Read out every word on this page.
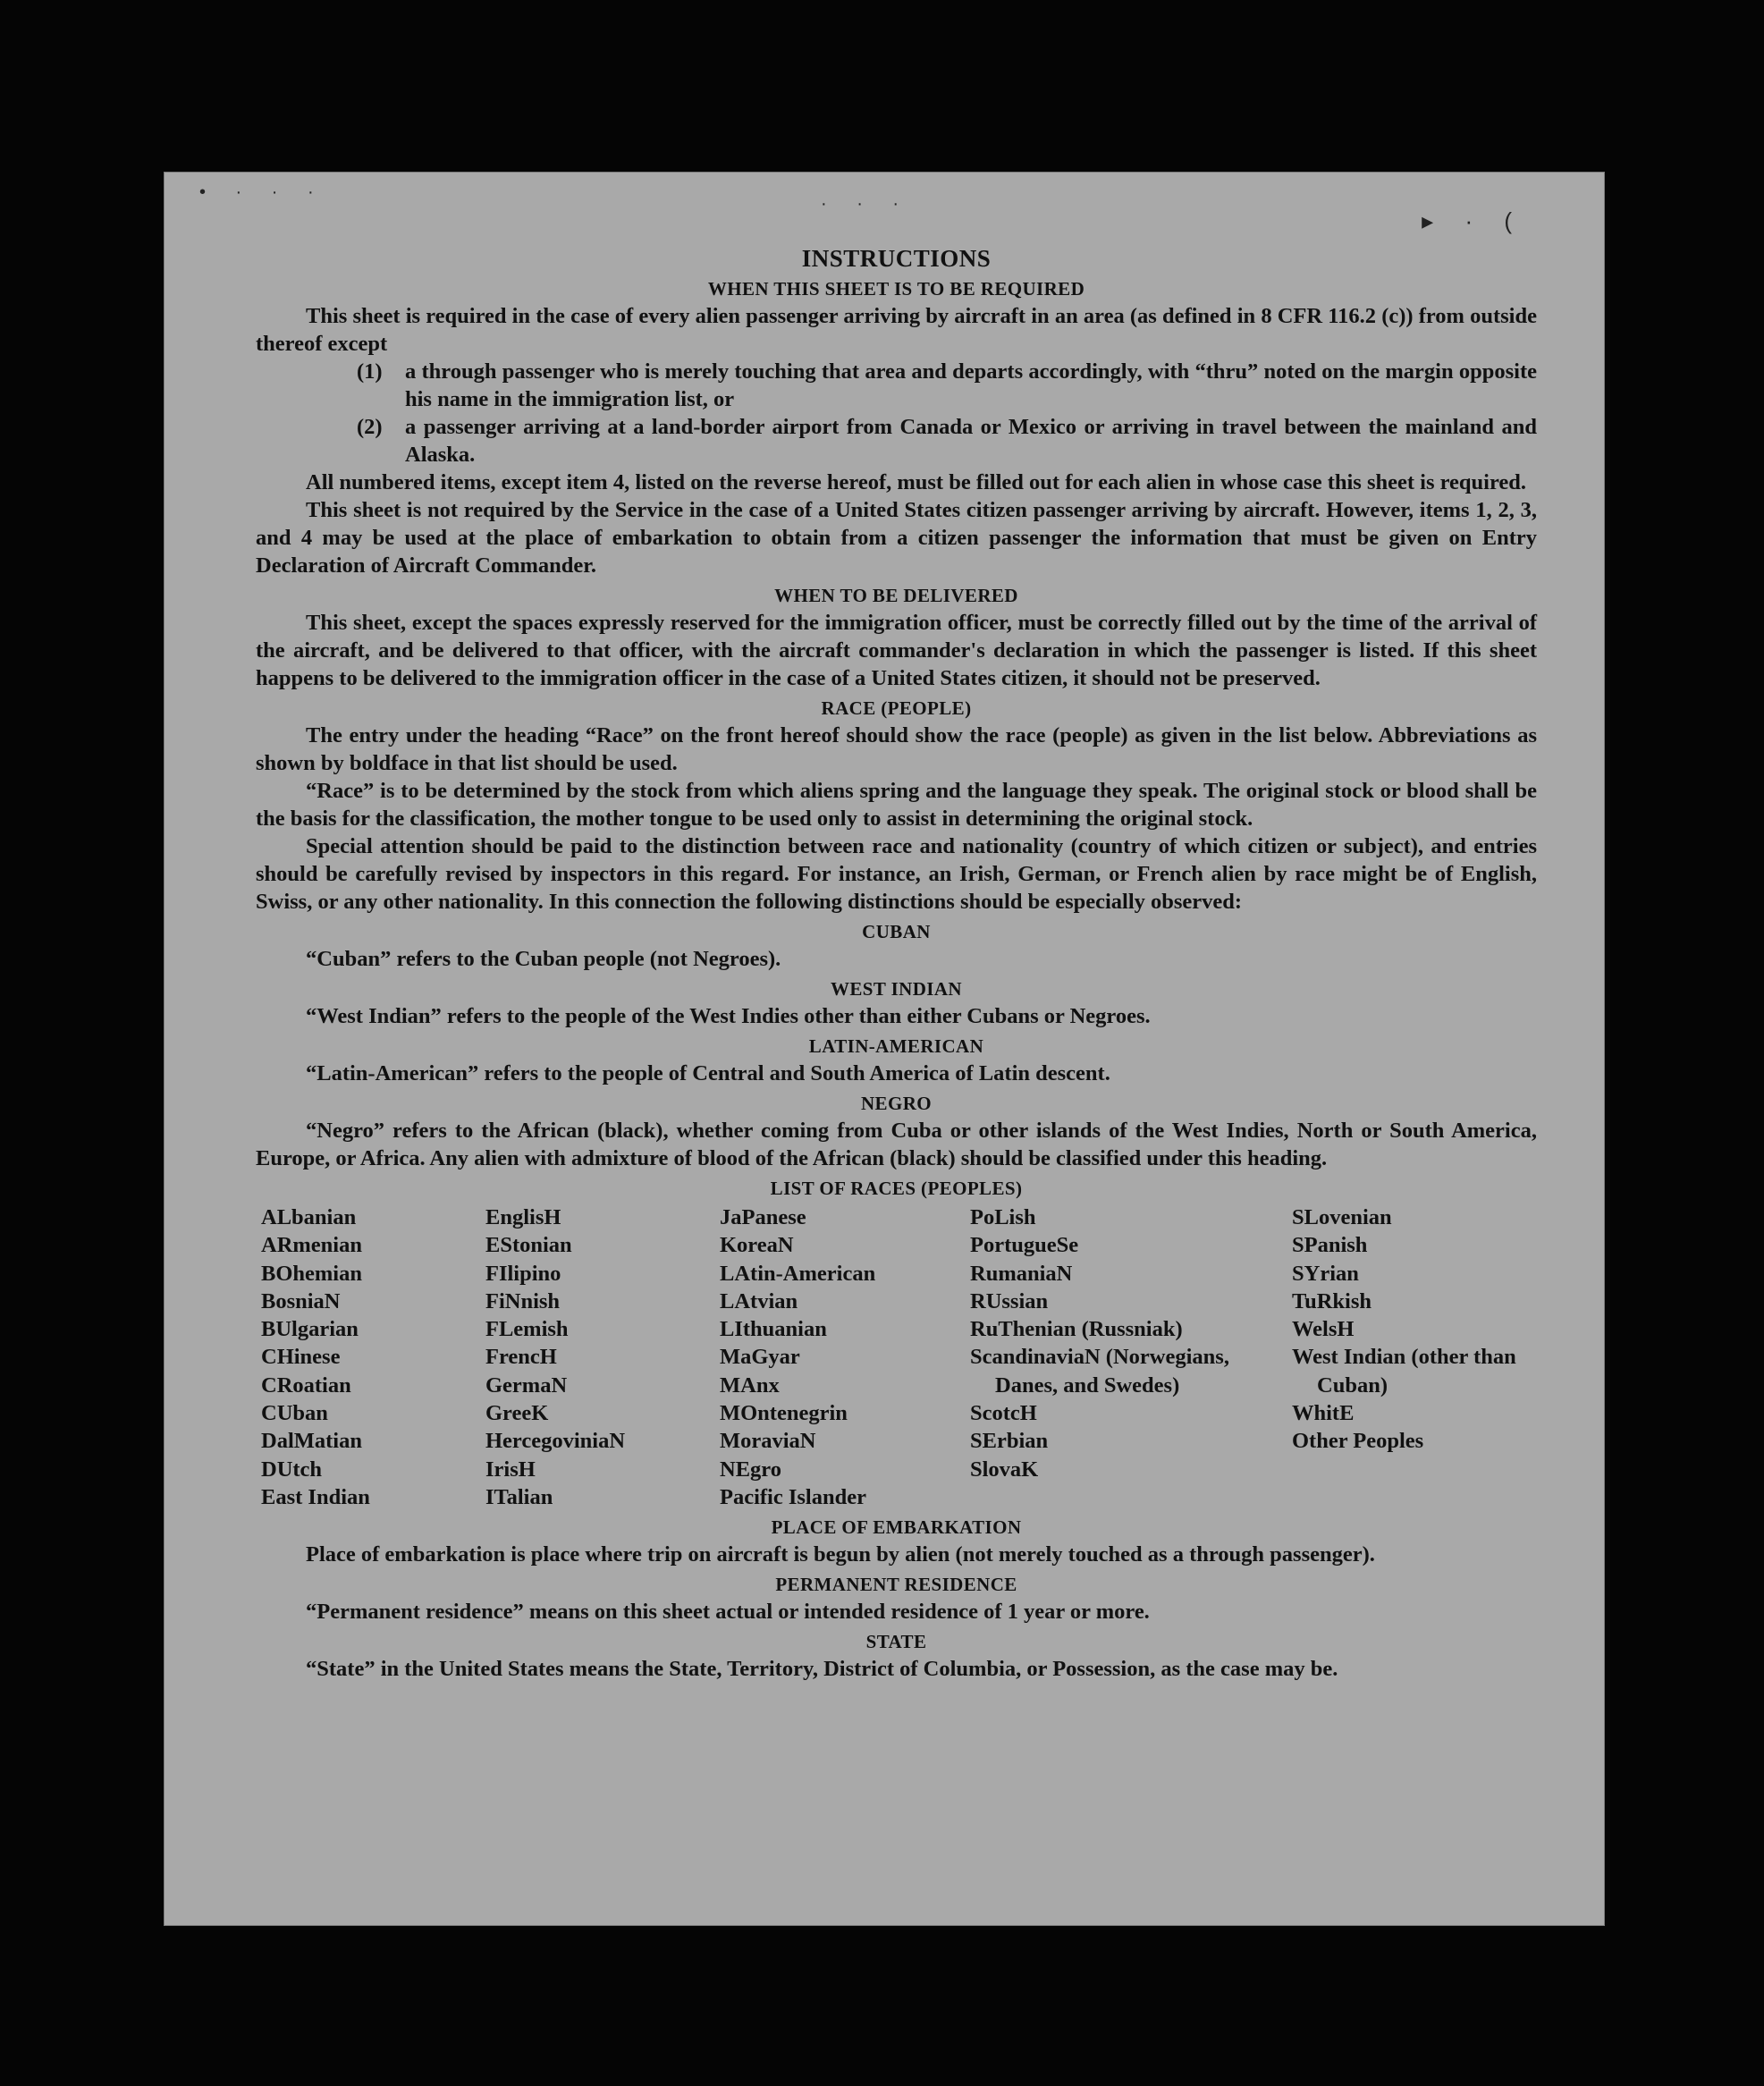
• · · ·
· · ·
▸ · (
INSTRUCTIONS
WHEN THIS SHEET IS TO BE REQUIRED

This sheet is required in the case of every alien passenger arriving by aircraft in an area (as defined in 8 CFR 116.2 (c)) from outside thereof except

(1) a through passenger who is merely touching that area and departs accordingly, with “thru” noted on the margin opposite his name in the immigration list, or
(2) a passenger arriving at a land-border airport from Canada or Mexico or arriving in travel between the mainland and Alaska.

All numbered items, except item 4, listed on the reverse hereof, must be filled out for each alien in whose case this sheet is required.

This sheet is not required by the Service in the case of a United States citizen passenger arriving by aircraft. However, items 1, 2, 3, and 4 may be used at the place of embarkation to obtain from a citizen passenger the information that must be given on Entry Declaration of Aircraft Commander.

WHEN TO BE DELIVERED

This sheet, except the spaces expressly reserved for the immigration officer, must be correctly filled out by the time of the arrival of the aircraft, and be delivered to that officer, with the aircraft commander's declaration in which the passenger is listed. If this sheet happens to be delivered to the immigration officer in the case of a United States citizen, it should not be preserved.

RACE (PEOPLE)

The entry under the heading “Race” on the front hereof should show the race (people) as given in the list below. Abbreviations as shown by boldface in that list should be used.

“Race” is to be determined by the stock from which aliens spring and the language they speak. The original stock or blood shall be the basis for the classification, the mother tongue to be used only to assist in determining the original stock.

Special attention should be paid to the distinction between race and nationality (country of which citizen or subject), and entries should be carefully revised by inspectors in this regard. For instance, an Irish, German, or French alien by race might be of English, Swiss, or any other nationality. In this connection the following distinctions should be especially observed:

CUBAN

“Cuban” refers to the Cuban people (not Negroes).

WEST INDIAN

“West Indian” refers to the people of the West Indies other than either Cubans or Negroes.

LATIN-AMERICAN

“Latin-American” refers to the people of Central and South America of Latin descent.

NEGRO

“Negro” refers to the African (black), whether coming from Cuba or other islands of the West Indies, North or South America, Europe, or Africa. Any alien with admixture of blood of the African (black) should be classified under this heading.

LIST OF RACES (PEOPLES)
ALbanian
ARmenian
BOhemian
BosniaN
BUlgarian
CHinese
CRoatian
CUban
DalMatian
DUtch
East Indian
EnglisH
EStonian
FIlipino
FiNnish
FLemish
FrencH
GermaN
GreeK
HercegoviniaN
IrisH
ITalian
JaPanese
KoreaN
LAtin-American
LAtvian
LIthuanian
MaGyar
MAnx
MOntenegrin
MoraviaN
NEgro
Pacific Islander
PoLish
PortugueSe
RumaniaN
RUssian
RuThenian (Russniak)
ScandinaviaN (Norwegians, Danes, and Swedes)
ScotcH
SErbian
SlovaK
SLovenian
SPanish
SYrian
TuRkish
WelsH
West Indian (other than Cuban)
WhitE
Other Peoples
PLACE OF EMBARKATION

Place of embarkation is place where trip on aircraft is begun by alien (not merely touched as a through passenger).

PERMANENT RESIDENCE

“Permanent residence” means on this sheet actual or intended residence of 1 year or more.

STATE

“State” in the United States means the State, Territory, District of Columbia, or Possession, as the case may be.
